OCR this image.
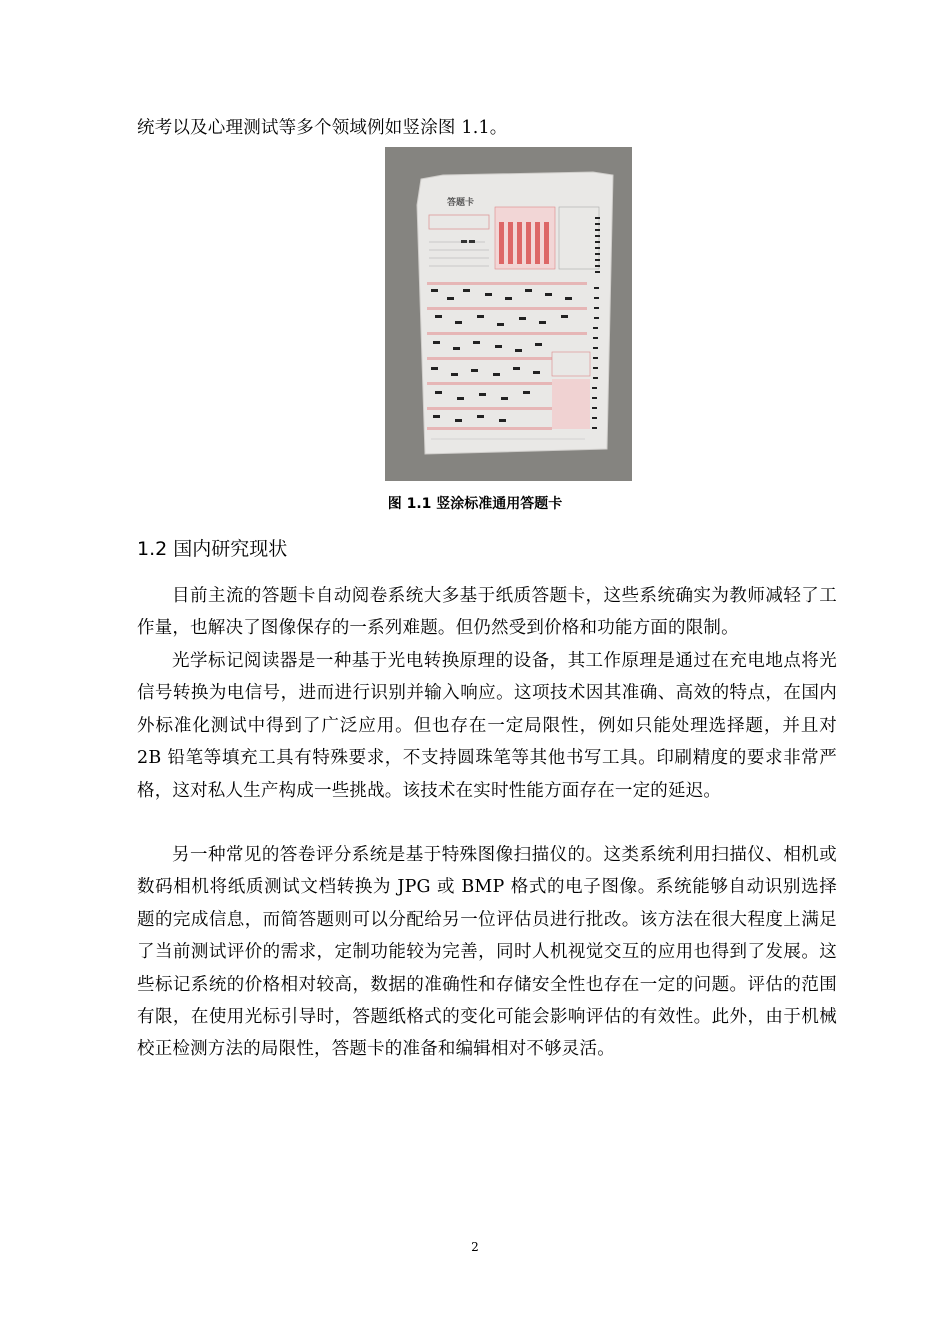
统考以及心理测试等多个领域例如竖涂图 1.1。

答题卡
图 1.1 竖涂标准通用答题卡
1.2 国内研究现状

目前主流的答题卡自动阅卷系统大多基于纸质答题卡，这些系统确实为教师减轻了工作量，也解决了图像保存的一系列难题。但仍然受到价格和功能方面的限制。

光学标记阅读器是一种基于光电转换原理的设备，其工作原理是通过在充电地点将光信号转换为电信号，进而进行识别并输入响应。这项技术因其准确、高效的特点，在国内外标准化测试中得到了广泛应用。但也存在一定局限性，例如只能处理选择题，并且对 2B 铅笔等填充工具有特殊要求，不支持圆珠笔等其他书写工具。印刷精度的要求非常严格，这对私人生产构成一些挑战。该技术在实时性能方面存在一定的延迟。

另一种常见的答卷评分系统是基于特殊图像扫描仪的。这类系统利用扫描仪、相机或数码相机将纸质测试文档转换为 JPG 或 BMP 格式的电子图像。系统能够自动识别选择题的完成信息，而简答题则可以分配给另一位评估员进行批改。该方法在很大程度上满足了当前测试评价的需求，定制功能较为完善，同时人机视觉交互的应用也得到了发展。这些标记系统的价格相对较高，数据的准确性和存储安全性也存在一定的问题。评估的范围有限，在使用光标引导时，答题纸格式的变化可能会影响评估的有效性。此外，由于机械校正检测方法的局限性，答题卡的准备和编辑相对不够灵活。

2
